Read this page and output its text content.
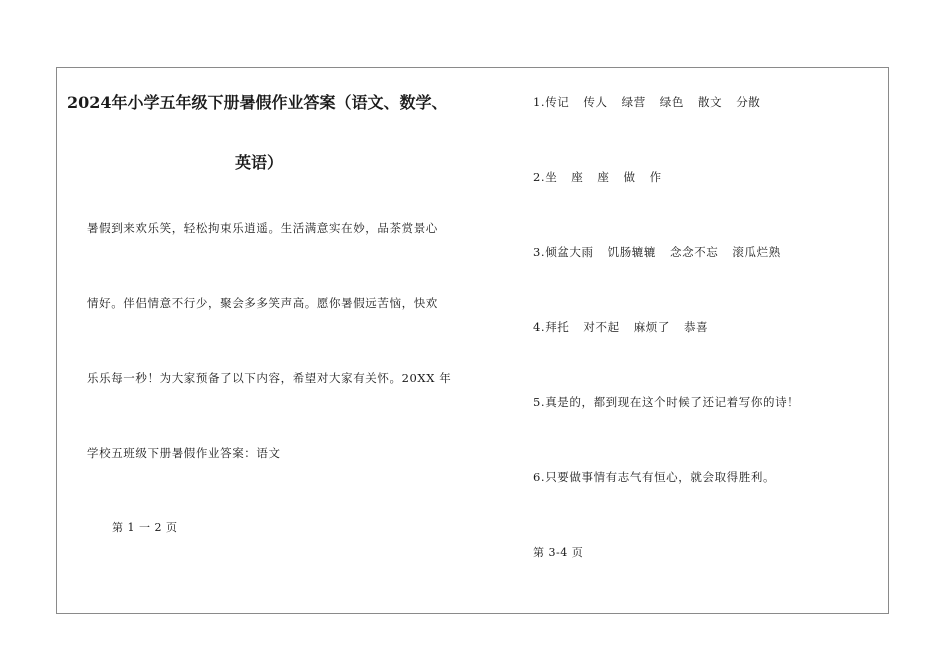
2024年小学五年级下册暑假作业答案（语文、数学、
英语）
暑假到来欢乐笑，轻松拘束乐逍遥。生活满意实在妙，品茶赏景心
情好。伴侣情意不行少，聚会多多笑声高。愿你暑假远苦恼，快欢
乐乐每一秒！为大家预备了以下内容，希望对大家有关怀。20XX 年
学校五班级下册暑假作业答案：语文
第 1 一 2 页
1.传记 传人 绿营 绿色 散文 分散
2.坐 座 座 做 作
3.倾盆大雨 饥肠辘辘 念念不忘 滚瓜烂熟
4.拜托 对不起 麻烦了 恭喜
5.真是的，都到现在这个时候了还记着写你的诗！
6.只要做事情有志气有恒心，就会取得胜利。
第 3-4 页
